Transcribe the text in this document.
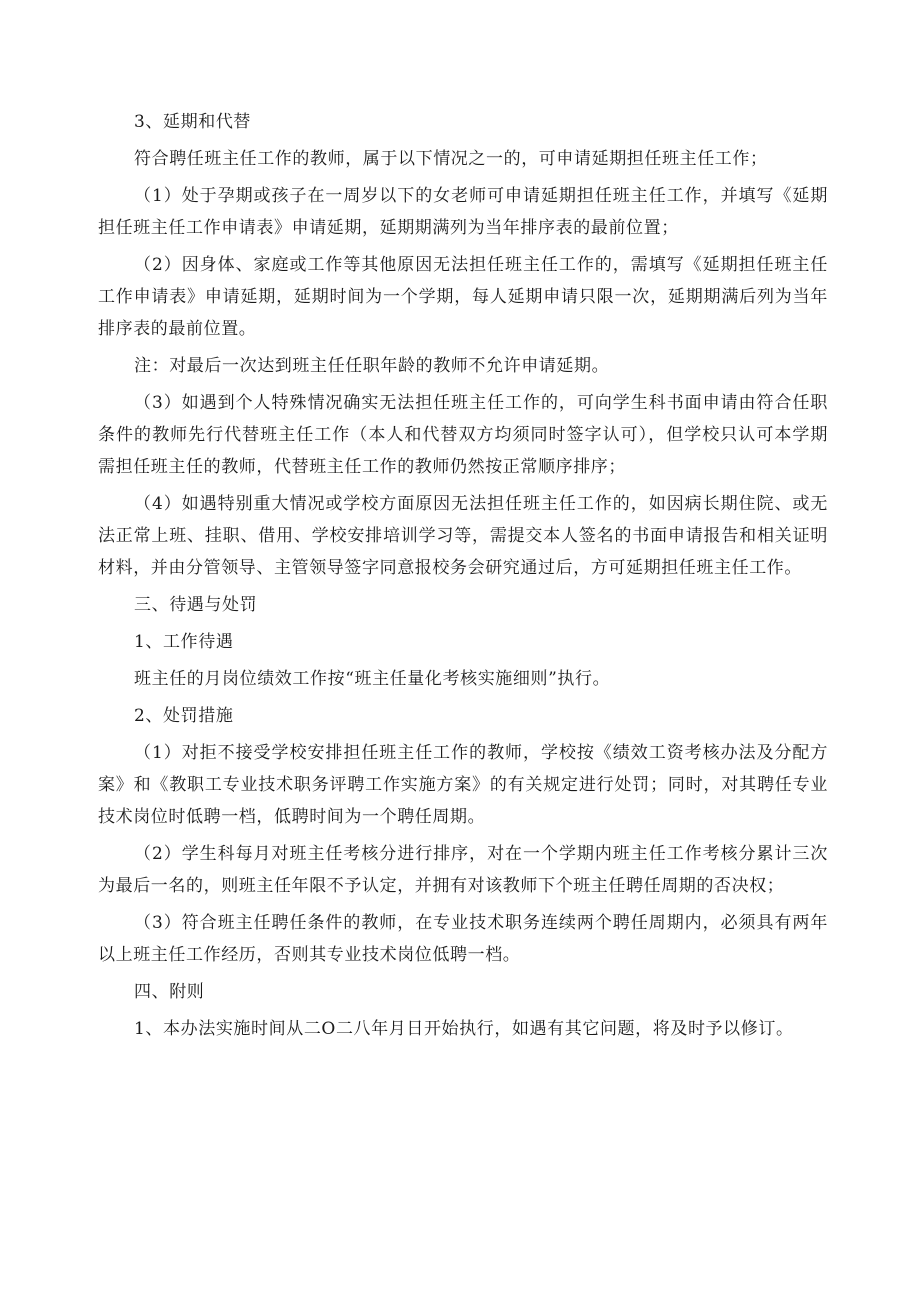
3、延期和代替

符合聘任班主任工作的教师，属于以下情况之一的，可申请延期担任班主任工作；

（1）处于孕期或孩子在一周岁以下的女老师可申请延期担任班主任工作，并填写《延期担任班主任工作申请表》申请延期，延期期满列为当年排序表的最前位置；

（2）因身体、家庭或工作等其他原因无法担任班主任工作的，需填写《延期担任班主任工作申请表》申请延期，延期时间为一个学期，每人延期申请只限一次，延期期满后列为当年排序表的最前位置。

注：对最后一次达到班主任任职年龄的教师不允许申请延期。

（3）如遇到个人特殊情况确实无法担任班主任工作的，可向学生科书面申请由符合任职条件的教师先行代替班主任工作（本人和代替双方均须同时签字认可），但学校只认可本学期需担任班主任的教师，代替班主任工作的教师仍然按正常顺序排序；

（4）如遇特别重大情况或学校方面原因无法担任班主任工作的，如因病长期住院、或无法正常上班、挂职、借用、学校安排培训学习等，需提交本人签名的书面申请报告和相关证明材料，并由分管领导、主管领导签字同意报校务会研究通过后，方可延期担任班主任工作。

三、待遇与处罚

1、工作待遇

班主任的月岗位绩效工作按“班主任量化考核实施细则”执行。

2、处罚措施

（1）对拒不接受学校安排担任班主任工作的教师，学校按《绩效工资考核办法及分配方案》和《教职工专业技术职务评聘工作实施方案》的有关规定进行处罚；同时，对其聘任专业技术岗位时低聘一档，低聘时间为一个聘任周期。

（2）学生科每月对班主任考核分进行排序，对在一个学期内班主任工作考核分累计三次为最后一名的，则班主任年限不予认定，并拥有对该教师下个班主任聘任周期的否决权；

（3）符合班主任聘任条件的教师，在专业技术职务连续两个聘任周期内，必须具有两年以上班主任工作经历，否则其专业技术岗位低聘一档。

四、附则

1、本办法实施时间从二O二八年月日开始执行，如遇有其它问题，将及时予以修订。
